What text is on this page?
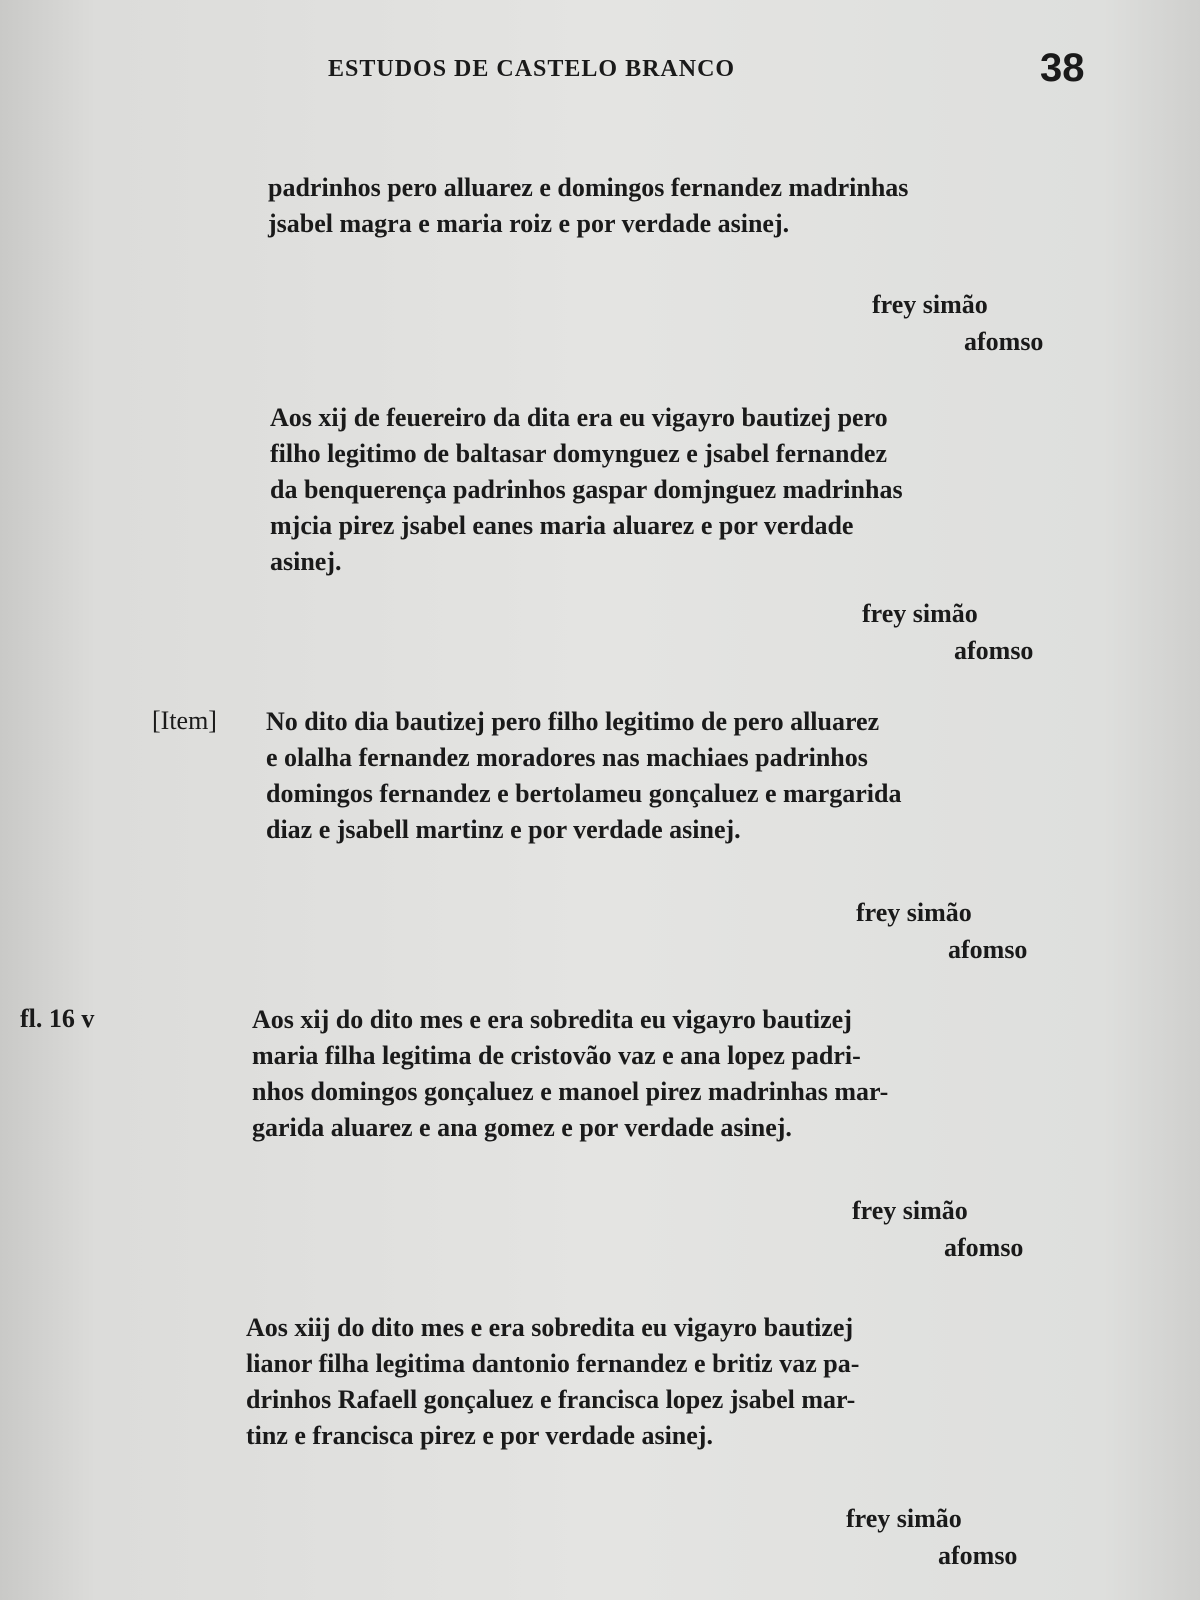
ESTUDOS DE CASTELO BRANCO	38

padrinhos pero alluarez e domingos fernandez madrinhas

jsabel magra e maria roiz e por verdade asinej.

frey simão
afomso

Aos xij de feuereiro da dita era eu vigayro bautizej pero

filho legitimo de baltasar domynguez e jsabel fernandez

da benquerença padrinhos gaspar domjnguez madrinhas

mjcia pirez jsabel eanes maria aluarez e por verdade

asinej.

frey simão
afomso
[Item] No dito dia bautizej pero filho legitimo de pero alluarez

e olalha fernandez moradores nas machiaes padrinhos

domingos fernandez e bertolameu gonçaluez e margarida

diaz e jsabell martinz e por verdade asinej.

frey simão
afomso
fl. 16 v	Aos xij do dito mes e era sobredita eu vigayro bautizej

maria filha legitima de cristovão vaz e ana lopez padri-

nhos domingos gonçaluez e manoel pirez madrinhas mar-

garida aluarez e ana gomez e por verdade asinej.

frey simão
afomso

Aos xiij do dito mes e era sobredita eu vigayro bautizej

lianor filha legitima dantonio fernandez e britiz vaz pa-

drinhos Rafaell gonçaluez e francisca lopez jsabel mar-

tinz e francisca pirez e por verdade asinej.

frey simão
afomso
